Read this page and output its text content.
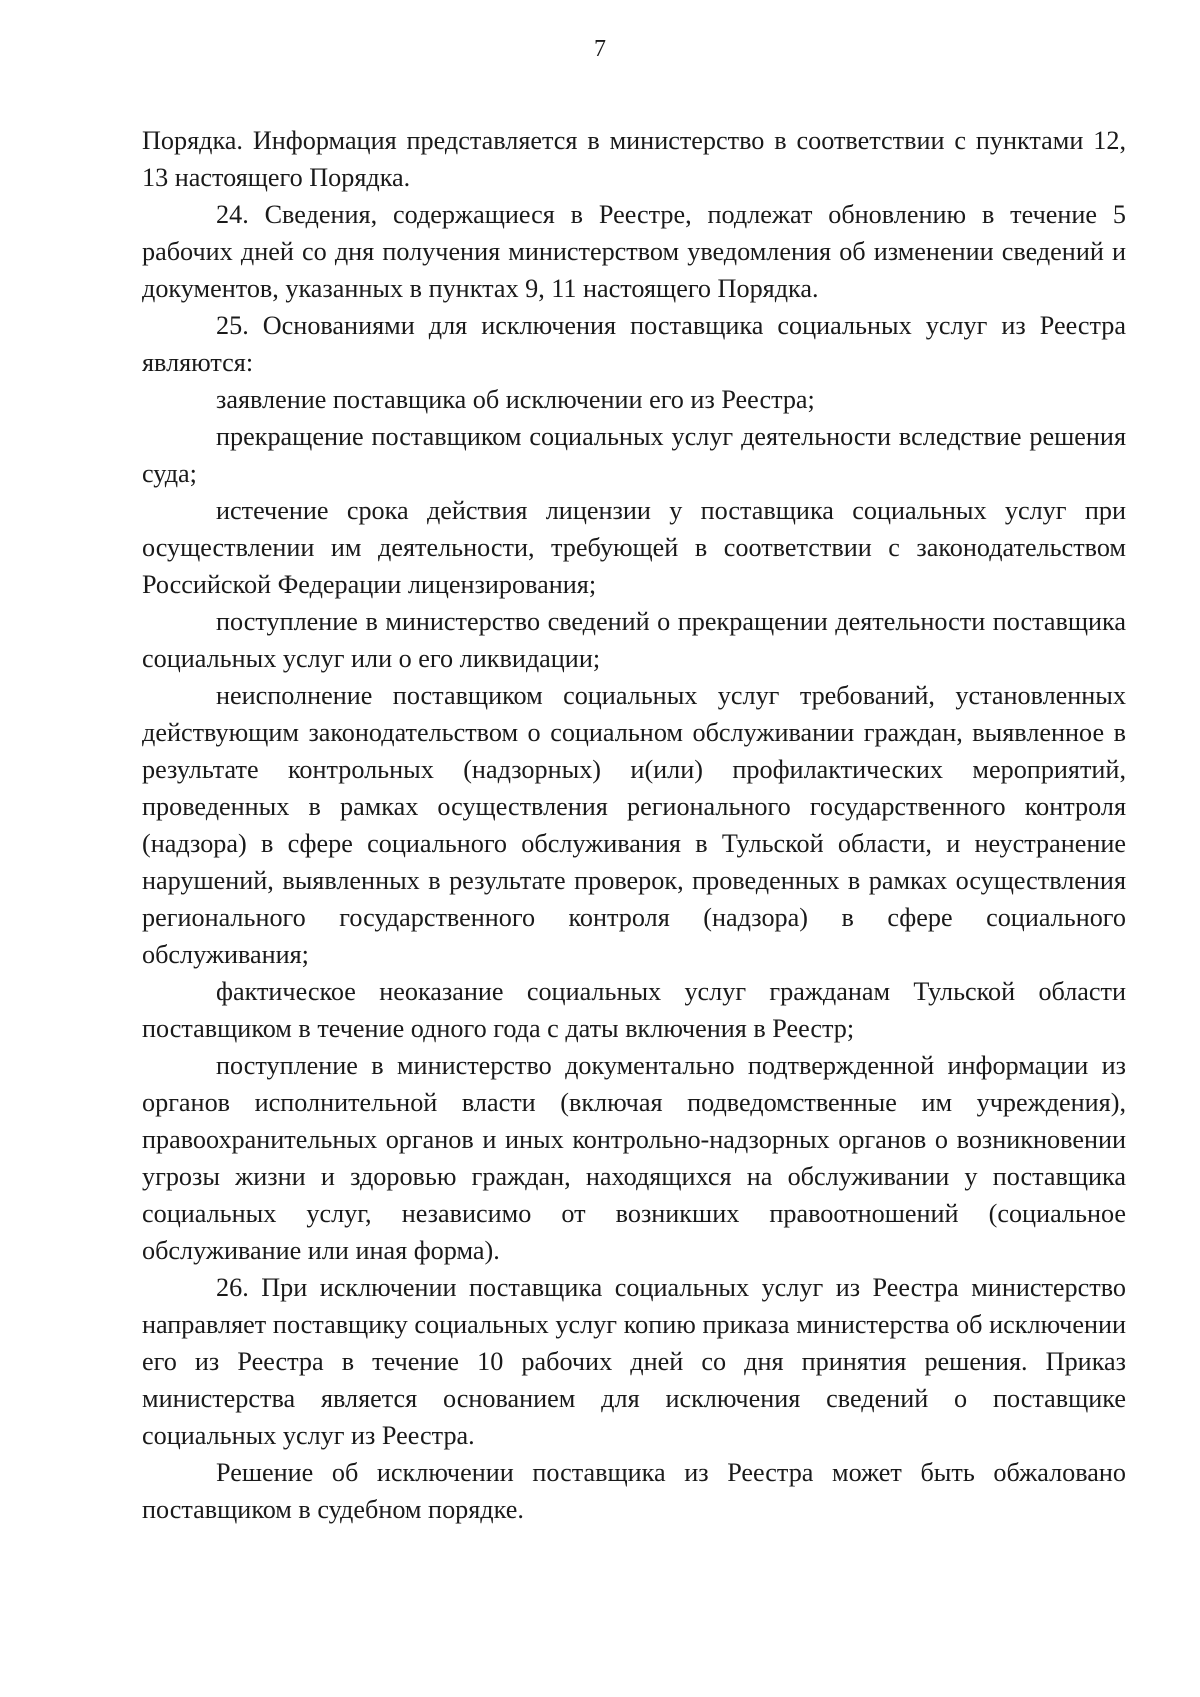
7

Порядка. Информация представляется в министерство в соответствии с пунктами 12, 13 настоящего Порядка.

24. Сведения, содержащиеся в Реестре, подлежат обновлению в течение 5 рабочих дней со дня получения министерством уведомления об изменении сведений и документов, указанных в пунктах 9, 11 настоящего Порядка.

25. Основаниями для исключения поставщика социальных услуг из Реестра являются:

заявление поставщика об исключении его из Реестра;

прекращение поставщиком социальных услуг деятельности вследствие решения суда;

истечение срока действия лицензии у поставщика социальных услуг при осуществлении им деятельности, требующей в соответствии с законодательством Российской Федерации лицензирования;

поступление в министерство сведений о прекращении деятельности поставщика социальных услуг или о его ликвидации;

неисполнение поставщиком социальных услуг требований, установленных действующим законодательством о социальном обслуживании граждан, выявленное в результате контрольных (надзорных) и(или) профилактических мероприятий, проведенных в рамках осуществления регионального государственного контроля (надзора) в сфере социального обслуживания в Тульской области, и неустранение нарушений, выявленных в результате проверок, проведенных в рамках осуществления регионального государственного контроля (надзора) в сфере социального обслуживания;

фактическое неоказание социальных услуг гражданам Тульской области поставщиком в течение одного года с даты включения в Реестр;

поступление в министерство документально подтвержденной информации из органов исполнительной власти (включая подведомственные им учреждения), правоохранительных органов и иных контрольно-надзорных органов о возникновении угрозы жизни и здоровью граждан, находящихся на обслуживании у поставщика социальных услуг, независимо от возникших правоотношений (социальное обслуживание или иная форма).

26. При исключении поставщика социальных услуг из Реестра министерство направляет поставщику социальных услуг копию приказа министерства об исключении его из Реестра в течение 10 рабочих дней со дня принятия решения. Приказ министерства является основанием для исключения сведений о поставщике социальных услуг из Реестра.

Решение об исключении поставщика из Реестра может быть обжаловано поставщиком в судебном порядке.
